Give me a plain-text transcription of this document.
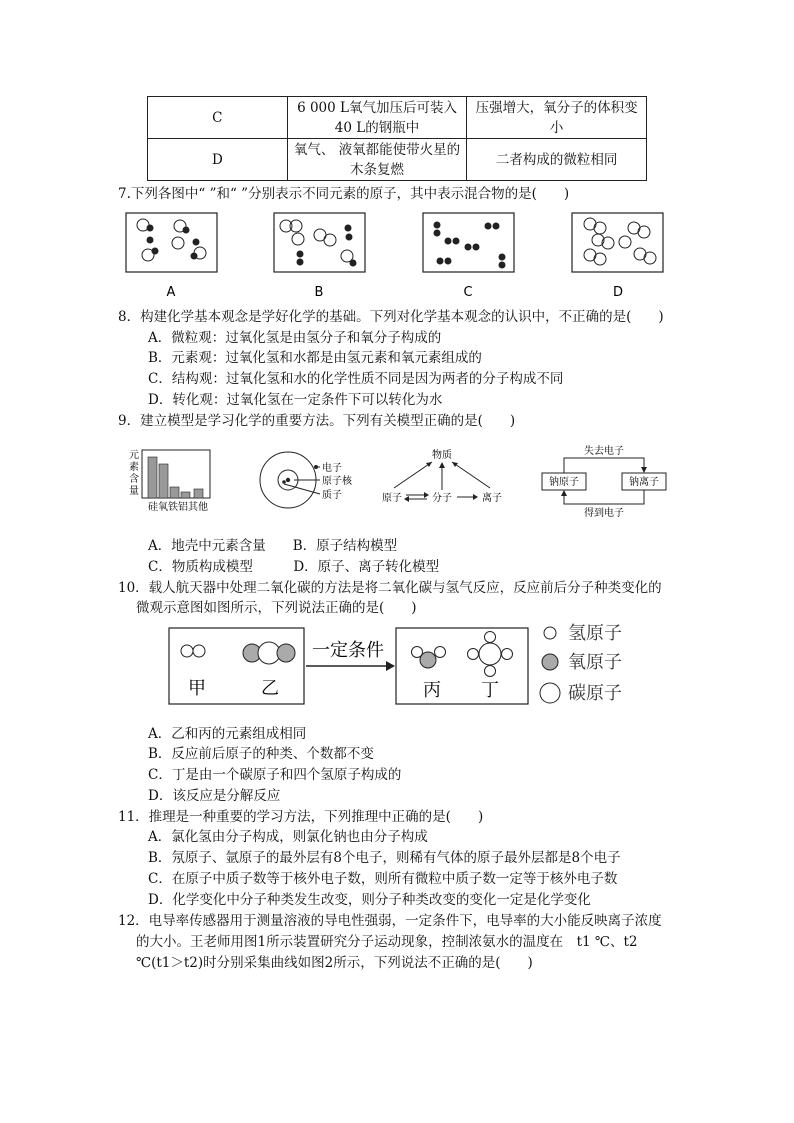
C	6 000 L氧气加压后可装入40 L的钢瓶中	压强增大，氧分子的体积变小
D	氧气、 液氧都能使带火星的木条复燃	二者构成的微粒相同
7.下列各图中“ ”和“ ”分别表示不同元素的原子，其中表示混合物的是(　　)
A	B	C	D
8．构建化学基本观念是学好化学的基础。下列对化学基本观念的认识中，不正确的是(　　)
A．微粒观：过氧化氢是由氢分子和氧分子构成的
B．元素观：过氧化氢和水都是由氢元素和氧元素组成的
C．结构观：过氧化氢和水的化学性质不同是因为两者的分子构成不同
D．转化观：过氧化氢在一定条件下可以转化为水
9．建立模型是学习化学的重要方法。下列有关模型正确的是(　　)
元
素
含
量
硅氧铁铝其他
电子
原子核
质子
物质
原子	分子	离子
失去电子
得到电子
钠原子	钠离子
A．地壳中元素含量　　B．原子结构模型
C．物质构成模型　　　D．原子、离子转化模型
10．载人航天器中处理二氧化碳的方法是将二氧化碳与氢气反应，反应前后分子种类变化的
微观示意图如图所示，下列说法正确的是(　　)
甲	乙
一定条件
丙 丁
氢原子
氧原子
碳原子
A．乙和丙的元素组成相同
B．反应前后原子的种类、个数都不变
C．丁是由一个碳原子和四个氢原子构成的
D．该反应是分解反应
11．推理是一种重要的学习方法，下列推理中正确的是(　　)
A．氯化氢由分子构成，则氯化钠也由分子构成
B．氖原子、氩原子的最外层有8个电子，则稀有气体的原子最外层都是8个电子
C．在原子中质子数等于核外电子数，则所有微粒中质子数一定等于核外电子数
D．化学变化中分子种类发生改变，则分子种类改变的变化一定是化学变化
12．电导率传感器用于测量溶液的导电性强弱，一定条件下，电导率的大小能反映离子浓度
的大小。王老师用图1所示装置研究分子运动现象，控制浓氨水的温度在　t1 ℃、t2
℃(t1＞t2)时分别采集曲线如图2所示，下列说法不正确的是(　　)
